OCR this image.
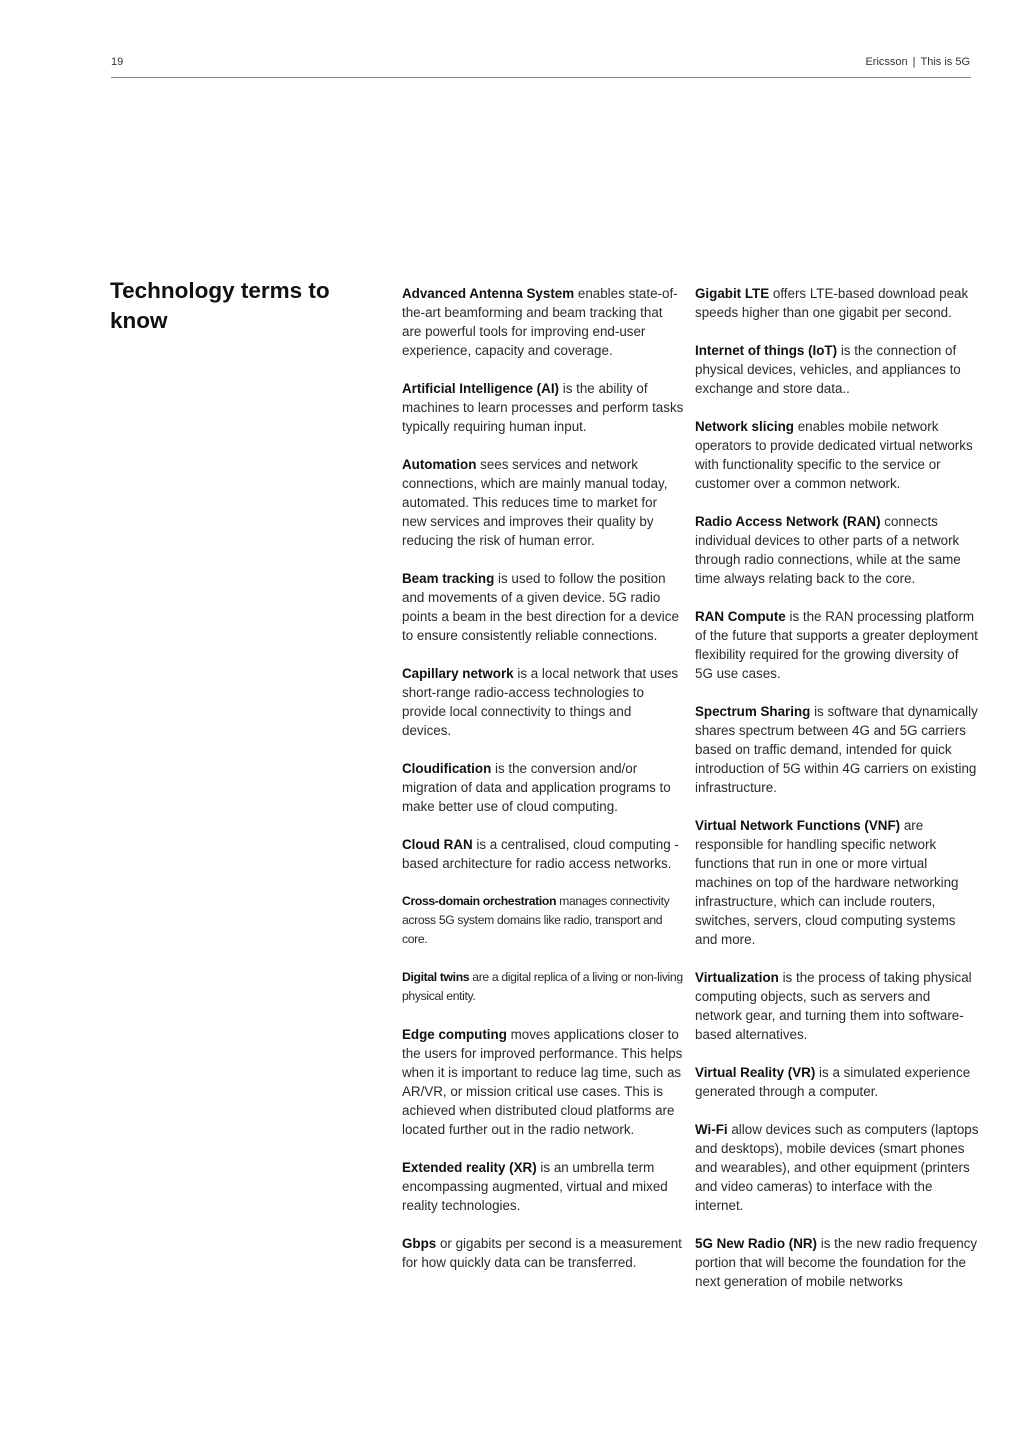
19	Ericsson | This is 5G
Technology terms to know

Advanced Antenna System enables state-of-the-art beamforming and beam tracking that are powerful tools for improving end-user experience, capacity and coverage.

Artificial Intelligence (AI) is the ability of machines to learn processes and perform tasks typically requiring human input.

Automation sees services and network connections, which are mainly manual today, automated. This reduces time to market for new services and improves their quality by reducing the risk of human error.

Beam tracking is used to follow the position and movements of a given device. 5G radio points a beam in the best direction for a device to ensure consistently reliable connections.

Capillary network is a local network that uses short-range radio-access technologies to provide local connectivity to things and devices.

Cloudification is the conversion and/or migration of data and application programs to make better use of cloud computing.

Cloud RAN is a centralised, cloud computing -based architecture for radio access networks.

Cross-domain orchestration manages connectivity across 5G system domains like radio, transport and core.

Digital twins are a digital replica of a living or non-living physical entity.

Edge computing moves applications closer to the users for improved performance. This helps when it is important to reduce lag time, such as AR/VR, or mission critical use cases. This is achieved when distributed cloud platforms are located further out in the radio network.

Extended reality (XR) is an umbrella term encompassing augmented, virtual and mixed reality technologies.

Gbps or gigabits per second is a measurement for how quickly data can be transferred.

Gigabit LTE offers LTE-based download peak speeds higher than one gigabit per second.

Internet of things (IoT) is the connection of physical devices, vehicles, and appliances to exchange and store data..

Network slicing enables mobile network operators to provide dedicated virtual networks with functionality specific to the service or customer over a common network.

Radio Access Network (RAN) connects individual devices to other parts of a network through radio connections, while at the same time always relating back to the core.

RAN Compute is the RAN processing platform of the future that supports a greater deployment flexibility required for the growing diversity of 5G use cases.

Spectrum Sharing is software that dynamically shares spectrum between 4G and 5G carriers based on traffic demand, intended for quick introduction of 5G within 4G carriers on existing infrastructure.

Virtual Network Functions (VNF) are responsible for handling specific network functions that run in one or more virtual machines on top of the hardware networking infrastructure, which can include routers, switches, servers, cloud computing systems and more.

Virtualization is the process of taking physical computing objects, such as servers and network gear, and turning them into software-based alternatives.

Virtual Reality (VR) is a simulated experience generated through a computer.

Wi-Fi allow devices such as computers (laptops and desktops), mobile devices (smart phones and wearables), and other equipment (printers and video cameras) to interface with the internet.

5G New Radio (NR) is the new radio frequency portion that will become the foundation for the next generation of mobile networks
